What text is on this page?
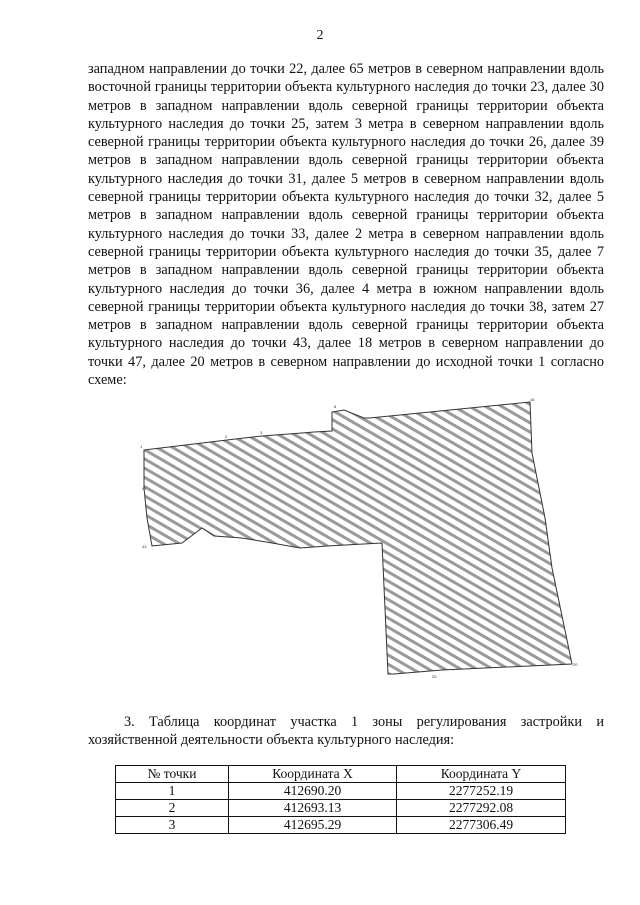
2

западном направлении до точки 22, далее 65 метров в северном направлении вдоль восточной границы территории объекта культурного наследия до точки 23, далее 30 метров в западном направлении вдоль северной границы территории объекта культурного наследия до точки 25, затем 3 метра в северном направлении вдоль северной границы территории объекта культурного наследия до точки 26, далее 39 метров в западном направлении вдоль северной границы территории объекта культурного наследия до точки 31, далее 5 метров в северном направлении вдоль северной границы территории объекта культурного наследия до точки 32, далее 5 метров в западном направлении вдоль северной границы территории объекта культурного наследия до точки 33, далее 2 метра в северном направлении вдоль северной границы территории объекта культурного наследия до точки 35, далее 7 метров в западном направлении вдоль северной границы территории объекта культурного наследия до точки 36, далее 4 метра в южном направлении вдоль северной границы территории объекта культурного наследия до точки 38, затем 27 метров в западном направлении вдоль северной границы территории объекта культурного наследия до точки 43, далее 18 метров в северном направлении до точки 47, далее 20 метров в северном направлении до исходной точки 1 согласно схеме:

1
2
3
8
16
20
25
47
43

3. Таблица координат участка 1 зоны регулирования застройки и хозяйственной деятельности объекта культурного наследия:

№ точки	Координата X	Координата Y
1	412690.20	2277252.19
2	412693.13	2277292.08
3	412695.29	2277306.49
